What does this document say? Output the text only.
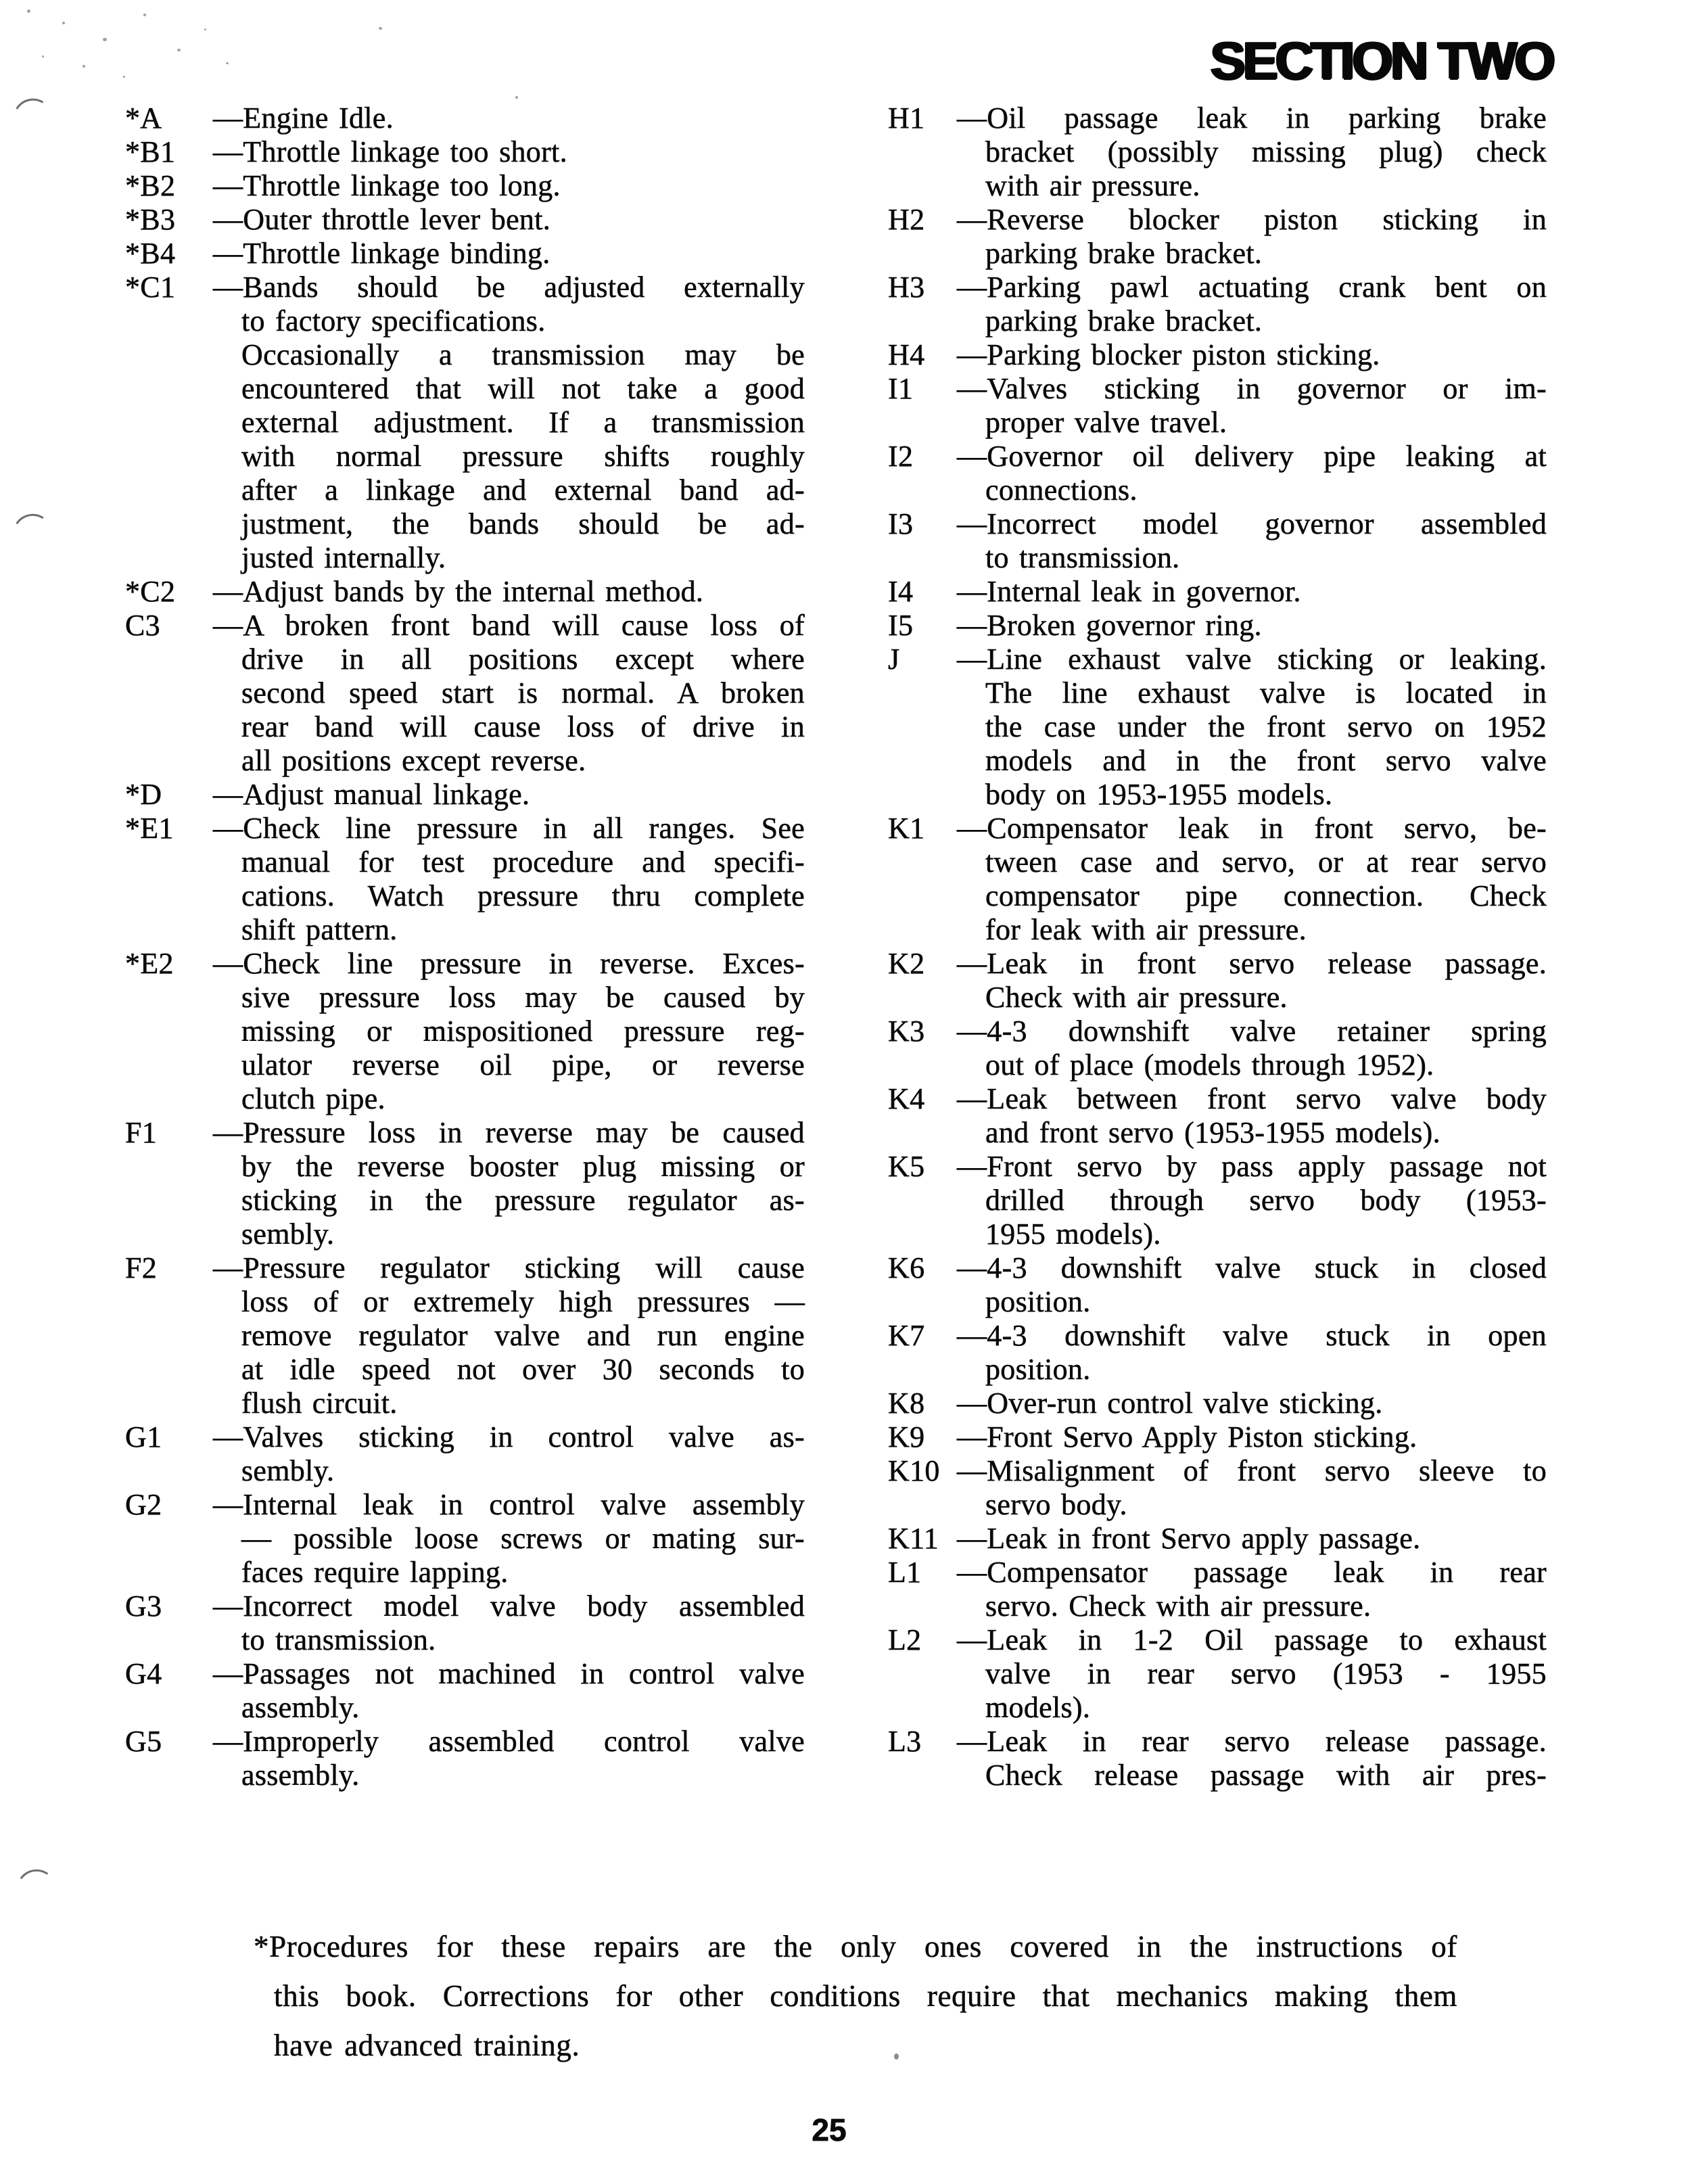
SECTION TWO
*A	—Engine Idle.
*B1	—Throttle linkage too short.
*B2	—Throttle linkage too long.
*B3	—Outer throttle lever bent.
*B4	—Throttle linkage binding.
*C1	—Bands should be adjusted externally
to factory specifications.
Occasionally a transmission may be
encountered that will not take a good
external adjustment. If a transmission
with normal pressure shifts roughly
after a linkage and external band ad-
justment, the bands should be ad-
justed internally.
*C2	—Adjust bands by the internal method.
C3	—A broken front band will cause loss of
drive in all positions except where
second speed start is normal. A broken
rear band will cause loss of drive in
all positions except reverse.
*D	—Adjust manual linkage.
*E1	—Check line pressure in all ranges. See
manual for test procedure and specifi-
cations. Watch pressure thru complete
shift pattern.
*E2	—Check line pressure in reverse. Exces-
sive pressure loss may be caused by
missing or mispositioned pressure reg-
ulator reverse oil pipe, or reverse
clutch pipe.
F1	—Pressure loss in reverse may be caused
by the reverse booster plug missing or
sticking in the pressure regulator as-
sembly.
F2	—Pressure regulator sticking will cause
loss of or extremely high pressures —
remove regulator valve and run engine
at idle speed not over 30 seconds to
flush circuit.
G1	—Valves sticking in control valve as-
sembly.
G2	—Internal leak in control valve assembly
— possible loose screws or mating sur-
faces require lapping.
G3	—Incorrect model valve body assembled
to transmission.
G4	—Passages not machined in control valve
assembly.
G5	—Improperly assembled control valve
assembly.
H1	—Oil passage leak in parking brake
bracket (possibly missing plug) check
with air pressure.
H2	—Reverse blocker piston sticking in
parking brake bracket.
H3	—Parking pawl actuating crank bent on
parking brake bracket.
H4	—Parking blocker piston sticking.
I1	—Valves sticking in governor or im-
proper valve travel.
I2	—Governor oil delivery pipe leaking at
connections.
I3	—Incorrect model governor assembled
to transmission.
I4	—Internal leak in governor.
I5	—Broken governor ring.
J	—Line exhaust valve sticking or leaking.
The line exhaust valve is located in
the case under the front servo on 1952
models and in the front servo valve
body on 1953-1955 models.
K1	—Compensator leak in front servo, be-
tween case and servo, or at rear servo
compensator pipe connection. Check
for leak with air pressure.
K2	—Leak in front servo release passage.
Check with air pressure.
K3	—4-3 downshift valve retainer spring
out of place (models through 1952).
K4	—Leak between front servo valve body
and front servo (1953-1955 models).
K5	—Front servo by pass apply passage not
drilled through servo body (1953-
1955 models).
K6	—4-3 downshift valve stuck in closed
position.
K7	—4-3 downshift valve stuck in open
position.
K8	—Over-run control valve sticking.
K9	—Front Servo Apply Piston sticking.
K10 —Misalignment of front servo sleeve to
servo body.
K11 —Leak in front Servo apply passage.
L1	—Compensator passage leak in rear
servo. Check with air pressure.
L2	—Leak in 1-2 Oil passage to exhaust
valve in rear servo (1953 - 1955
models).
L3	—Leak in rear servo release passage.
Check release passage with air pres-
*Procedures for these repairs are the only ones covered in the instructions of
this book. Corrections for other conditions require that mechanics making them
have advanced training.
25
